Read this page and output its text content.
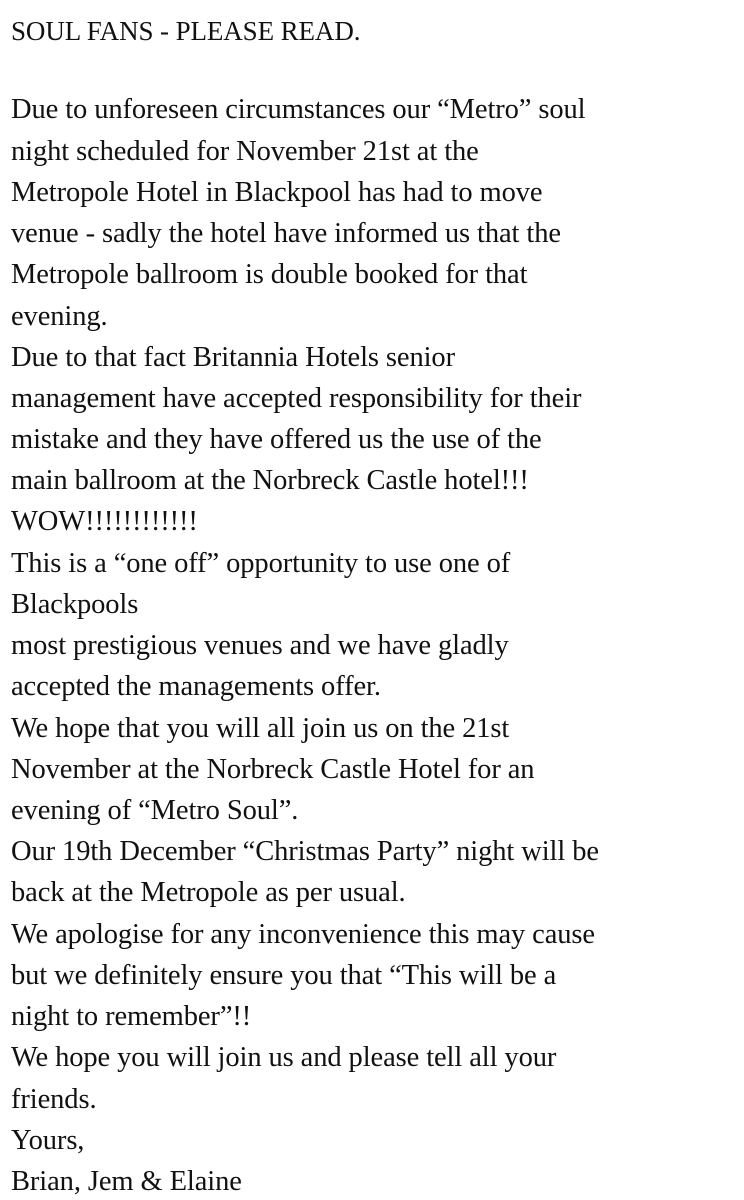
SOUL FANS - PLEASE READ.
Due to unforeseen circumstances our “Metro” soul
night scheduled for November 21st at the
Metropole Hotel in Blackpool has had to move
venue - sadly the hotel have informed us that the
Metropole ballroom is double booked for that
evening.
Due to that fact Britannia Hotels senior
management have accepted responsibility for their
mistake and they have offered us the use of the
main ballroom at the Norbreck Castle hotel!!!
WOW!!!!!!!!!!!!
This is a “one off” opportunity to use one of
Blackpools
most prestigious venues and we have gladly
accepted the managements offer.
We hope that you will all join us on the 21st
November at the Norbreck Castle Hotel for an
evening of “Metro Soul”.
Our 19th December “Christmas Party” night will be
back at the Metropole as per usual.
We apologise for any inconvenience this may cause
but we definitely ensure you that “This will be a
night to remember”!!
We hope you will join us and please tell all your
friends.
Yours,
Brian, Jem & Elaine
